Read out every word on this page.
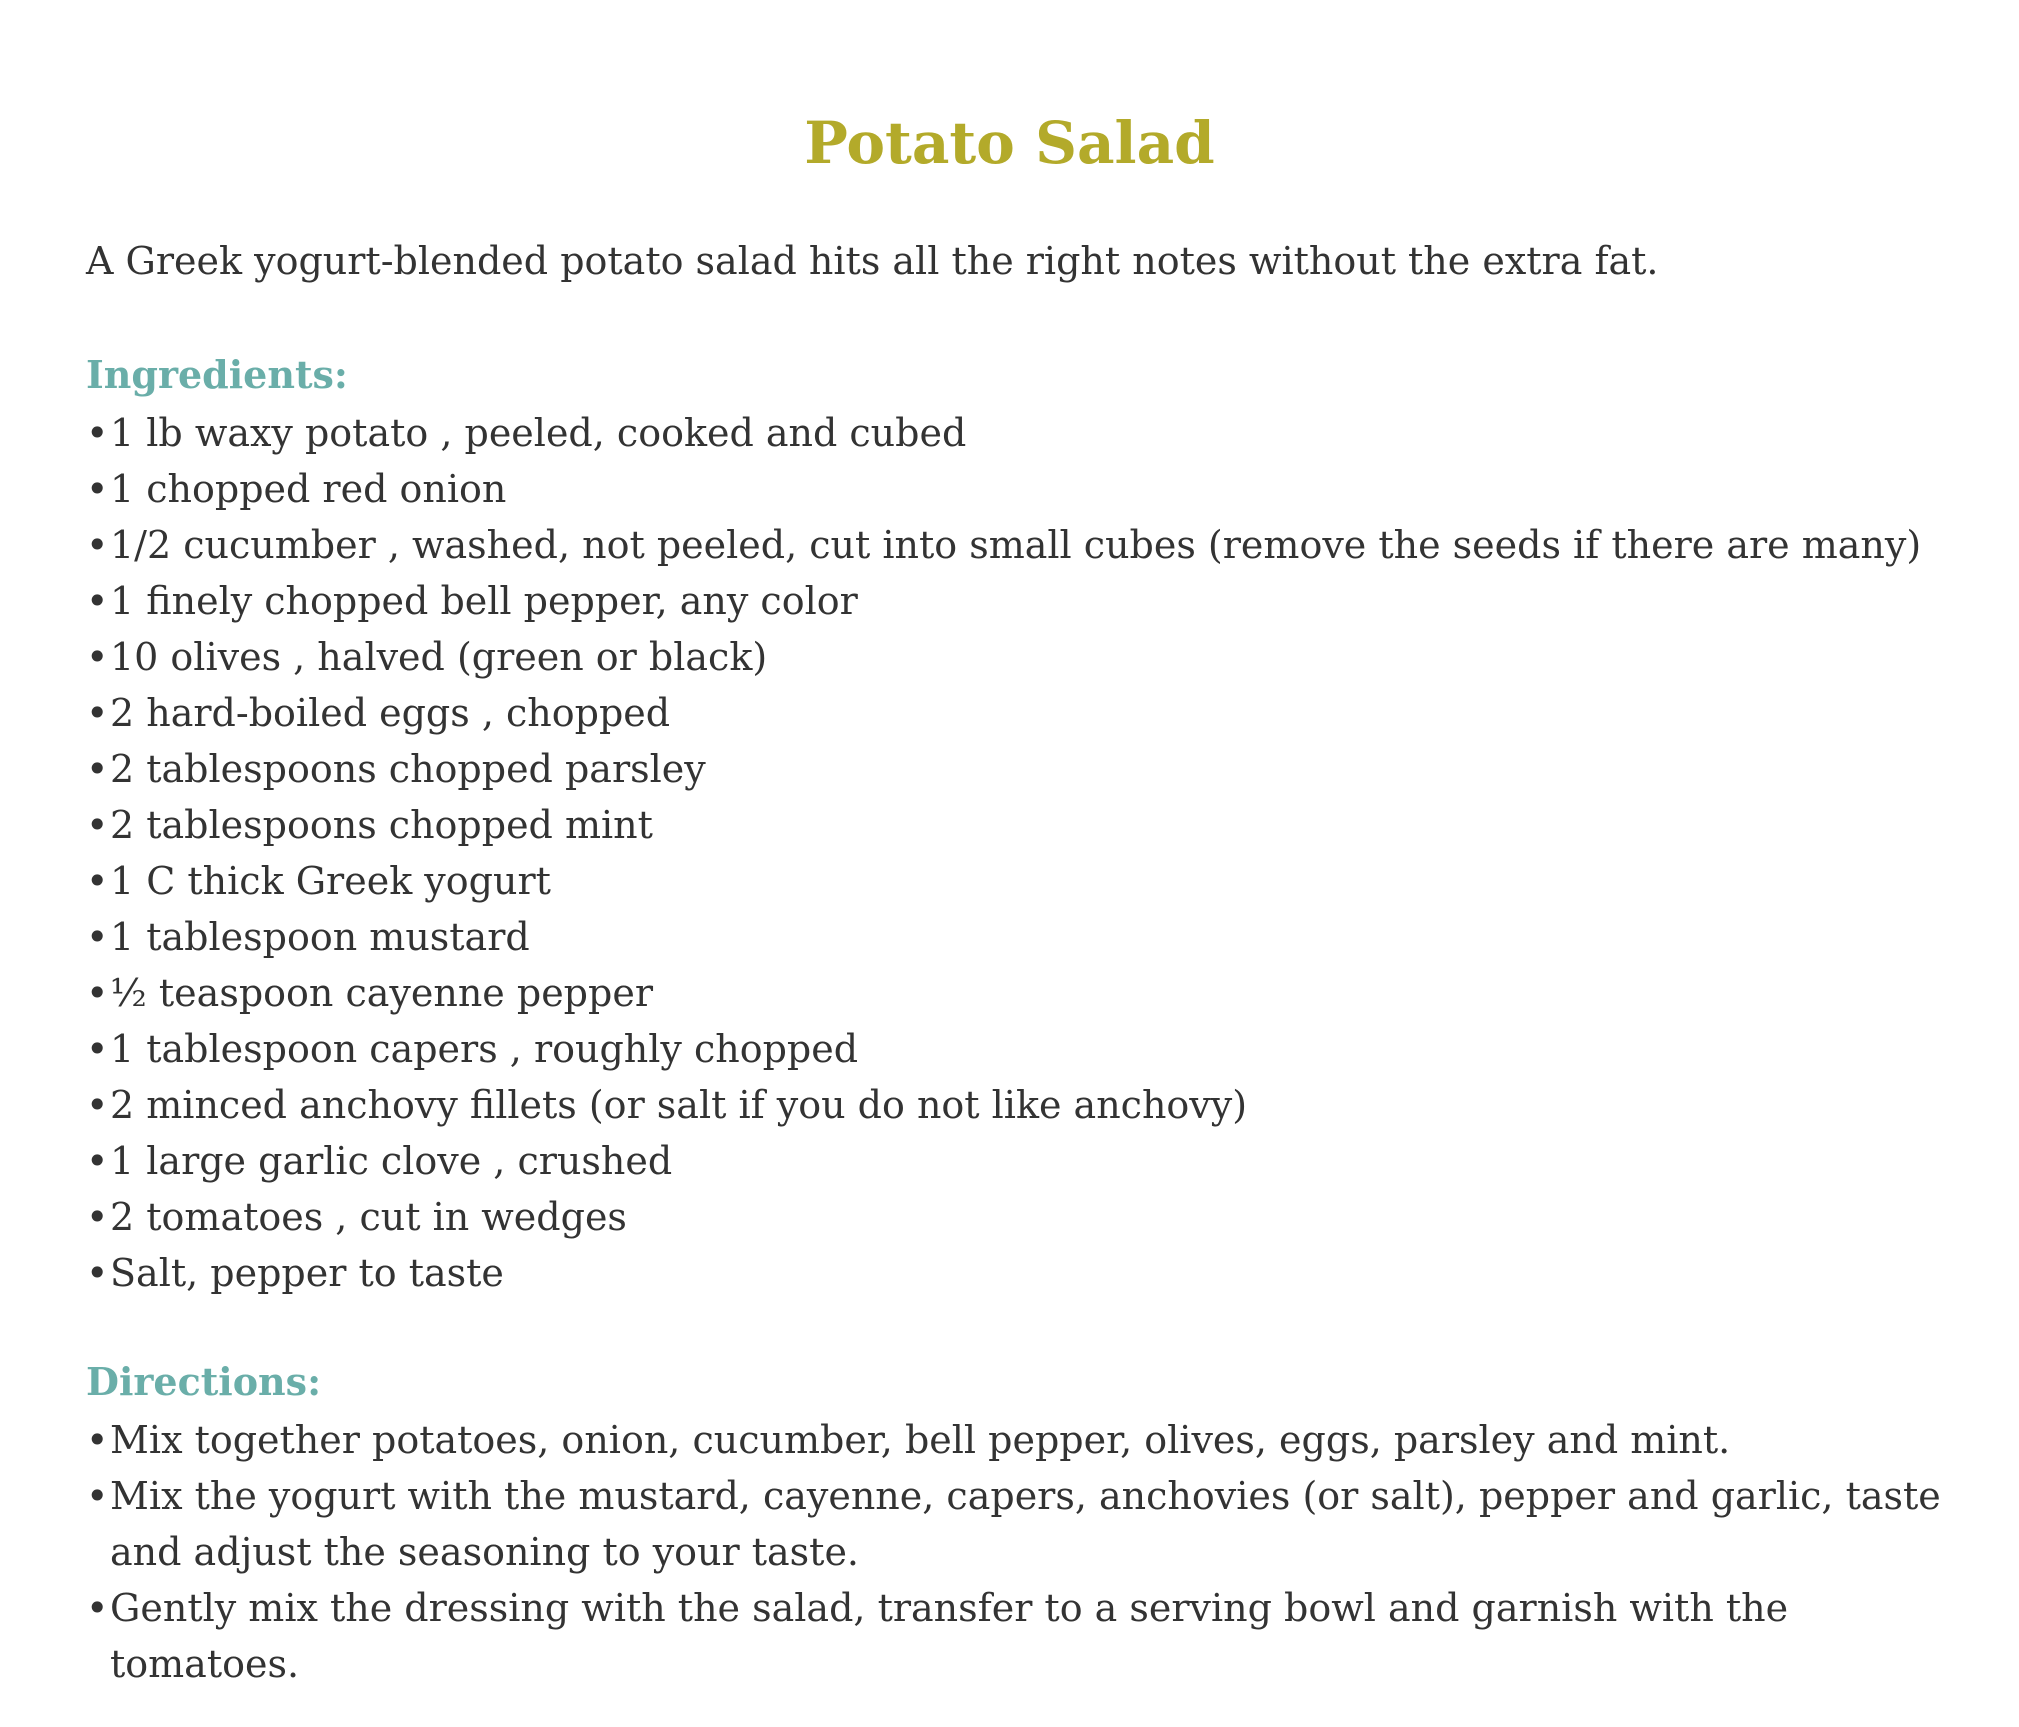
Potato Salad

A Greek yogurt-blended potato salad hits all the right notes without the extra fat.

Ingredients:
• 1 lb waxy potato , peeled, cooked and cubed
• 1 chopped red onion
• 1/2 cucumber , washed, not peeled, cut into small cubes (remove the seeds if there are many)
• 1 finely chopped bell pepper, any color
• 10 olives , halved (green or black)
• 2 hard-boiled eggs , chopped
• 2 tablespoons chopped parsley
• 2 tablespoons chopped mint
• 1 C thick Greek yogurt
• 1 tablespoon mustard
• ½ teaspoon cayenne pepper
• 1 tablespoon capers , roughly chopped
• 2 minced anchovy fillets (or salt if you do not like anchovy)
• 1 large garlic clove , crushed
• 2 tomatoes , cut in wedges
• Salt, pepper to taste
Directions:
• Mix together potatoes, onion, cucumber, bell pepper, olives, eggs, parsley and mint.
• Mix the yogurt with the mustard, cayenne, capers, anchovies (or salt), pepper and garlic, taste and adjust the seasoning to your taste.
• Gently mix the dressing with the salad, transfer to a serving bowl and garnish with the tomatoes.
